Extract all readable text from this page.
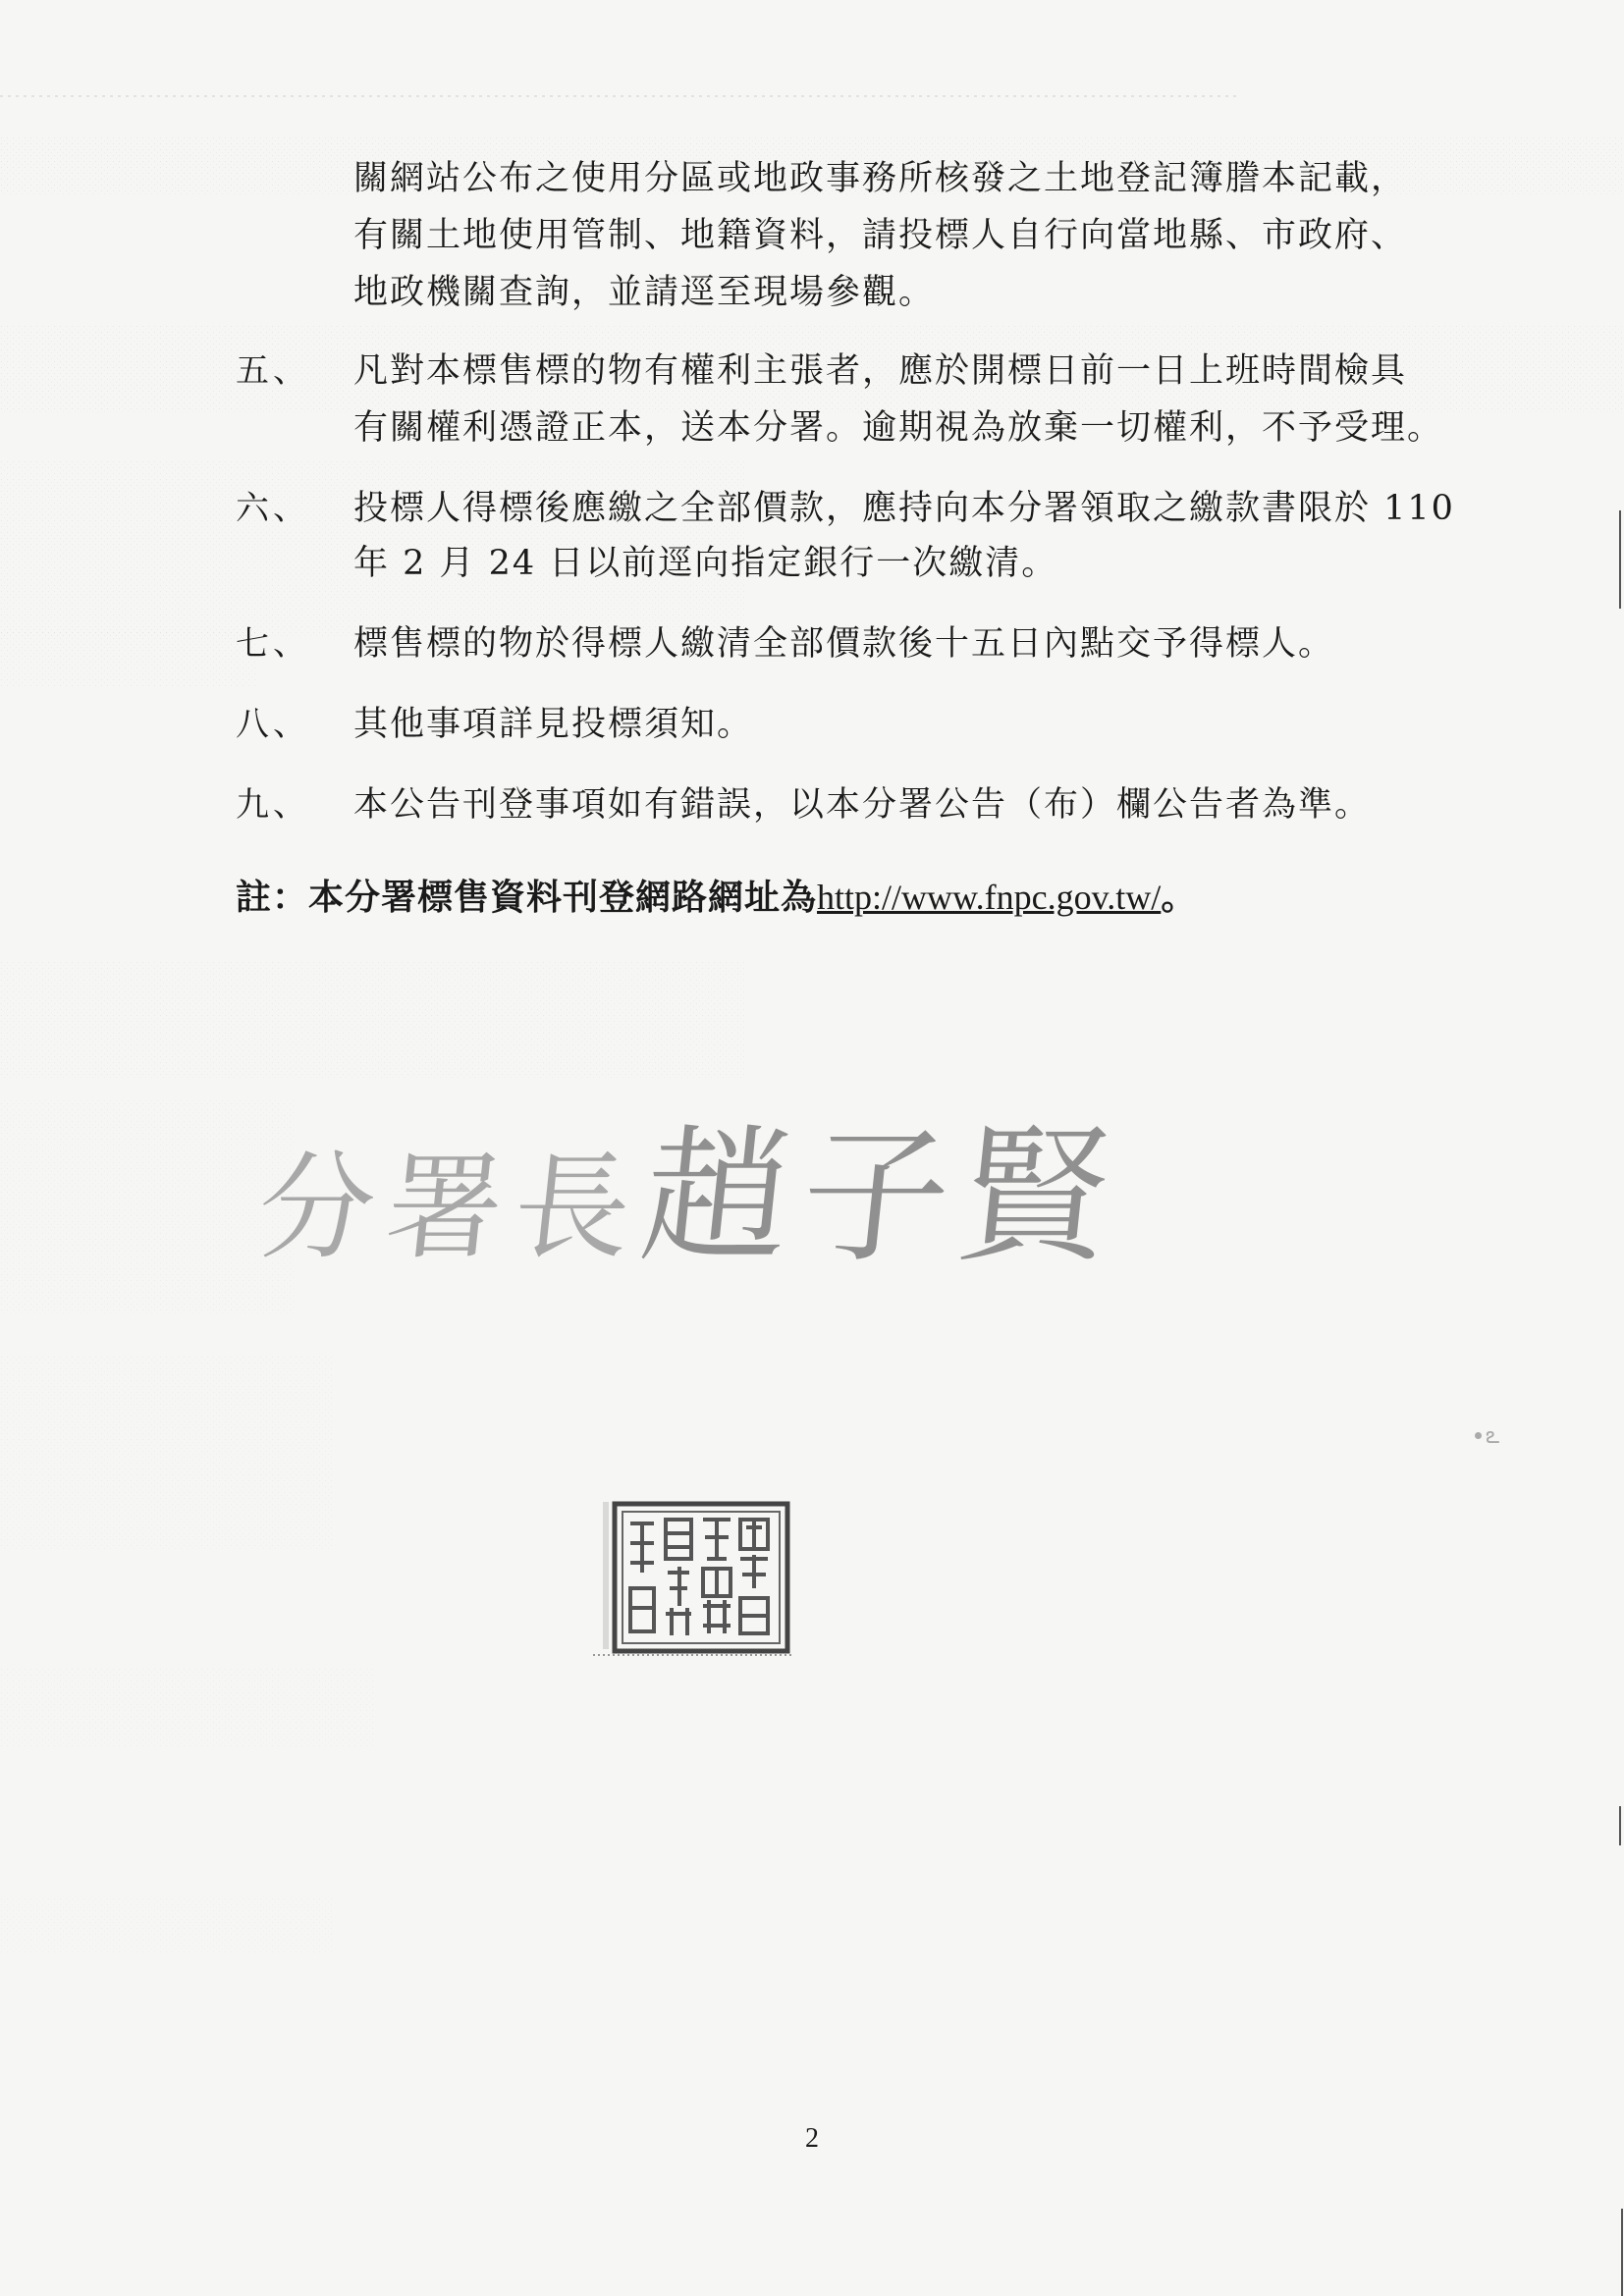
∙ఽ
關網站公布之使用分區或地政事務所核發之土地登記簿謄本記載，
有關土地使用管制、地籍資料，請投標人自行向當地縣、市政府、
地政機關查詢，並請逕至現場參觀。
五、 凡對本標售標的物有權利主張者，應於開標日前一日上班時間檢具
有關權利憑證正本，送本分署。逾期視為放棄一切權利，不予受理。
六、 投標人得標後應繳之全部價款，應持向本分署領取之繳款書限於 110
年 2 月 24 日以前逕向指定銀行一次繳清。
七、 標售標的物於得標人繳清全部價款後十五日內點交予得標人。
八、 其他事項詳見投標須知。
九、 本公告刊登事項如有錯誤，以本分署公告（布）欄公告者為準。
註：本分署標售資料刊登網路網址為http://www.fnpc.gov.tw/。
分署長趙子賢
2
